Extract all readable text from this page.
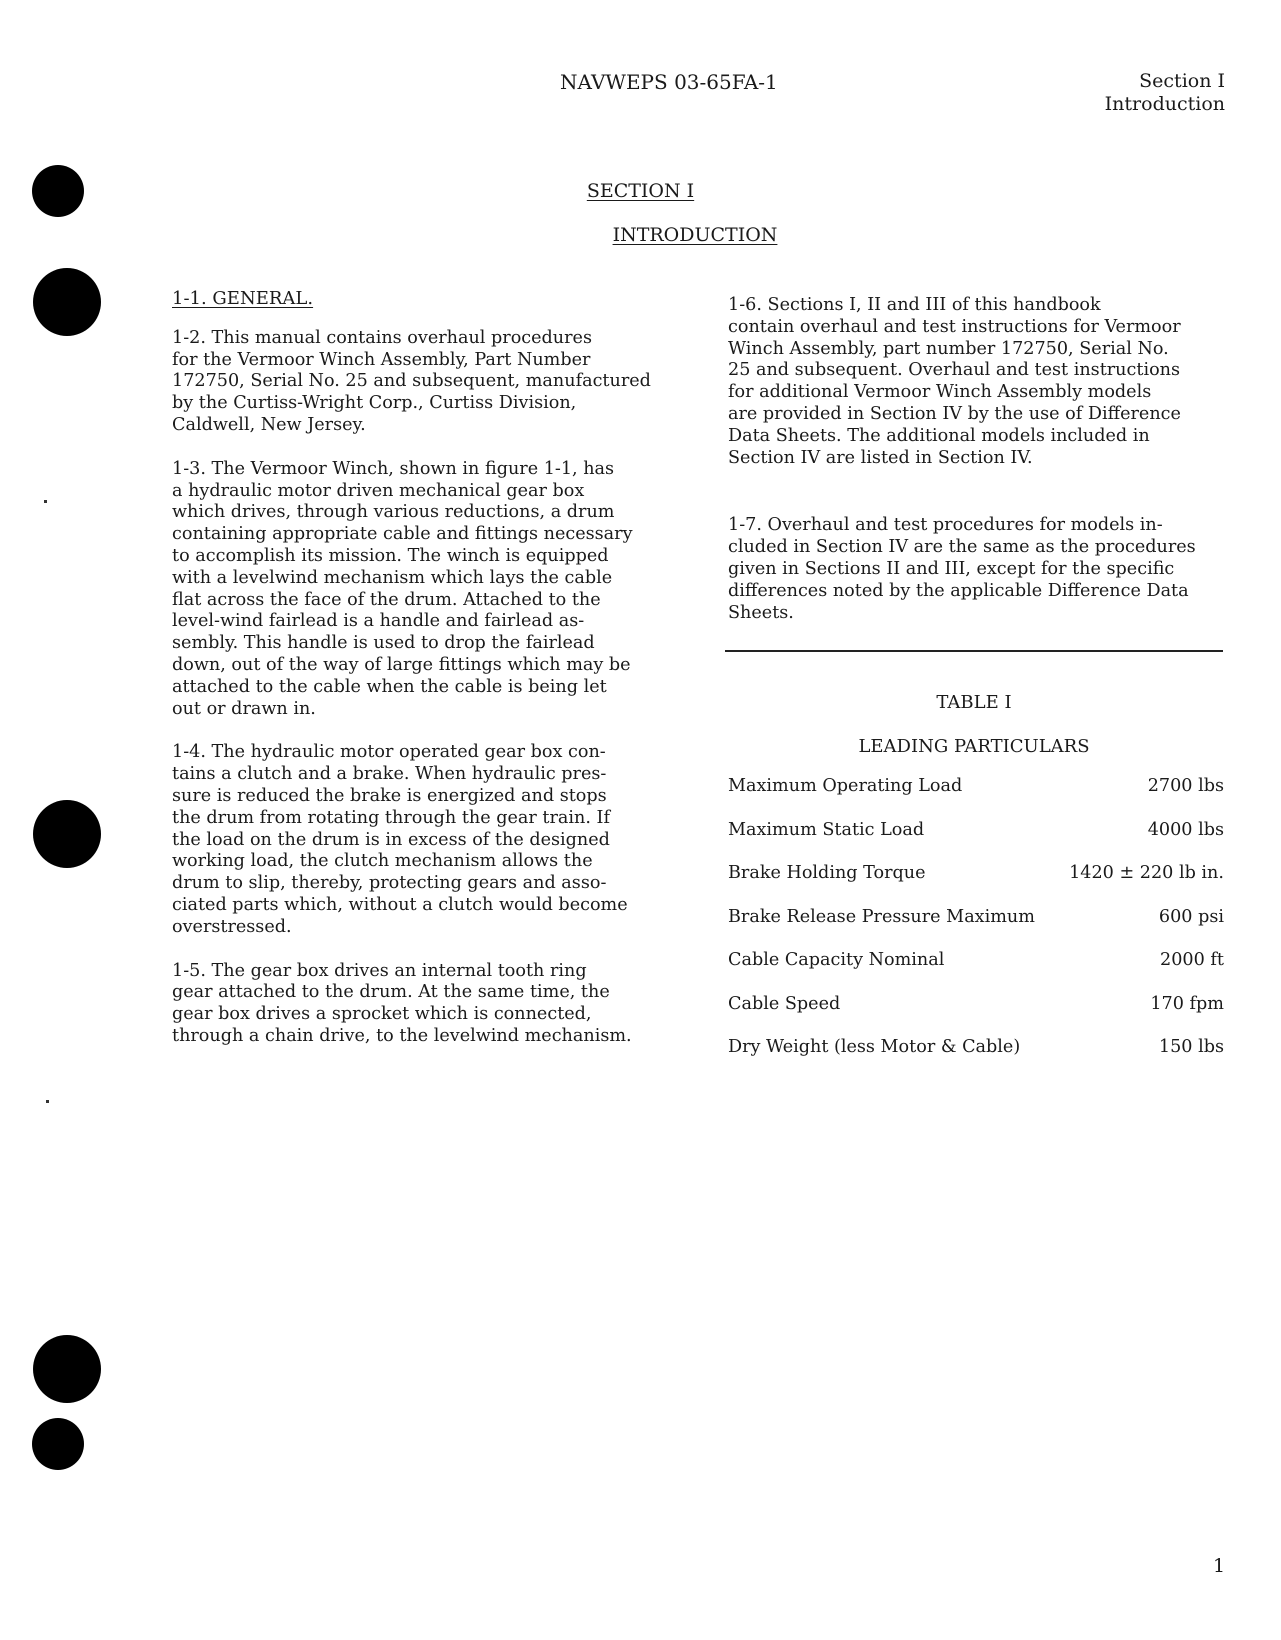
NAVWEPS 03-65FA-1	Section I
Introduction
SECTION I
INTRODUCTION
1-1. GENERAL.

1-2. This manual contains overhaul procedures
for the Vermoor Winch Assembly, Part Number
172750, Serial No. 25 and subsequent, manufactured
by the Curtiss-Wright Corp., Curtiss Division,
Caldwell, New Jersey.

1-3. The Vermoor Winch, shown in figure 1-1, has
a hydraulic motor driven mechanical gear box
which drives, through various reductions, a drum
containing appropriate cable and fittings necessary
to accomplish its mission. The winch is equipped
with a levelwind mechanism which lays the cable
flat across the face of the drum. Attached to the
level-wind fairlead is a handle and fairlead as-
sembly. This handle is used to drop the fairlead
down, out of the way of large fittings which may be
attached to the cable when the cable is being let
out or drawn in.

1-4. The hydraulic motor operated gear box con-
tains a clutch and a brake. When hydraulic pres-
sure is reduced the brake is energized and stops
the drum from rotating through the gear train. If
the load on the drum is in excess of the designed
working load, the clutch mechanism allows the
drum to slip, thereby, protecting gears and asso-
ciated parts which, without a clutch would become
overstressed.

1-5. The gear box drives an internal tooth ring
gear attached to the drum. At the same time, the
gear box drives a sprocket which is connected,
through a chain drive, to the levelwind mechanism.

1-6. Sections I, II and III of this handbook
contain overhaul and test instructions for Vermoor
Winch Assembly, part number 172750, Serial No.
25 and subsequent. Overhaul and test instructions
for additional Vermoor Winch Assembly models
are provided in Section IV by the use of Difference
Data Sheets. The additional models included in
Section IV are listed in Section IV.

1-7. Overhaul and test procedures for models in-
cluded in Section IV are the same as the procedures
given in Sections II and III, except for the specific
differences noted by the applicable Difference Data
Sheets.

TABLE I
LEADING PARTICULARS
Maximum Operating Load	2700 lbs
Maximum Static Load	4000 lbs
Brake Holding Torque	1420 ± 220 lb in.
Brake Release Pressure Maximum	600 psi
Cable Capacity Nominal	2000 ft
Cable Speed	170 fpm
Dry Weight (less Motor & Cable)	150 lbs
1
